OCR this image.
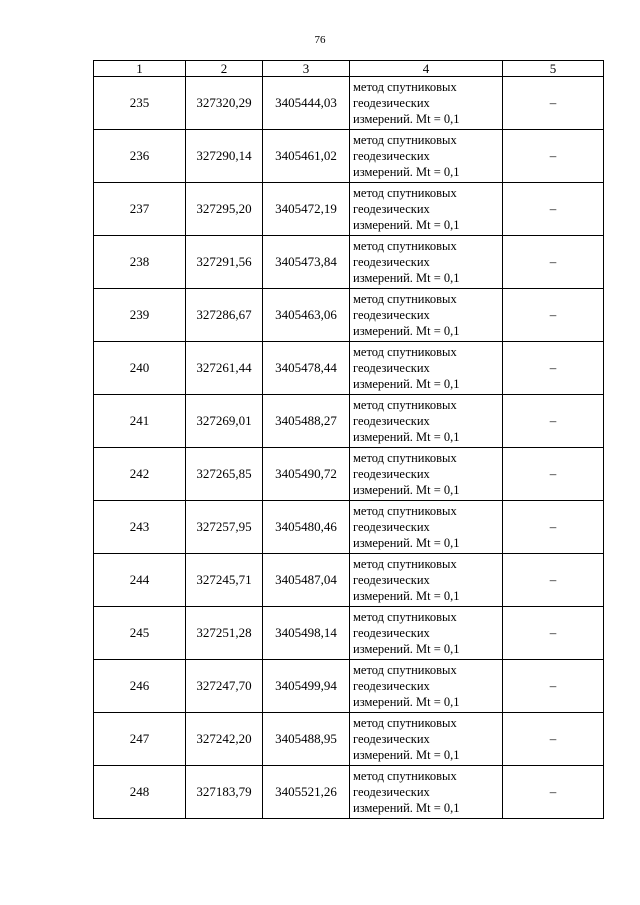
76
1	2	3	4	5
235	327320,29	3405444,03	метод спутниковых
геодезических
измерений. Mt = 0,1	–
236	327290,14	3405461,02	метод спутниковых
геодезических
измерений. Mt = 0,1	–
237	327295,20	3405472,19	метод спутниковых
геодезических
измерений. Mt = 0,1	–
238	327291,56	3405473,84	метод спутниковых
геодезических
измерений. Mt = 0,1	–
239	327286,67	3405463,06	метод спутниковых
геодезических
измерений. Mt = 0,1	–
240	327261,44	3405478,44	метод спутниковых
геодезических
измерений. Mt = 0,1	–
241	327269,01	3405488,27	метод спутниковых
геодезических
измерений. Mt = 0,1	–
242	327265,85	3405490,72	метод спутниковых
геодезических
измерений. Mt = 0,1	–
243	327257,95	3405480,46	метод спутниковых
геодезических
измерений. Mt = 0,1	–
244	327245,71	3405487,04	метод спутниковых
геодезических
измерений. Mt = 0,1	–
245	327251,28	3405498,14	метод спутниковых
геодезических
измерений. Mt = 0,1	–
246	327247,70	3405499,94	метод спутниковых
геодезических
измерений. Mt = 0,1	–
247	327242,20	3405488,95	метод спутниковых
геодезических
измерений. Mt = 0,1	–
248	327183,79	3405521,26	метод спутниковых
геодезических
измерений. Mt = 0,1	–
